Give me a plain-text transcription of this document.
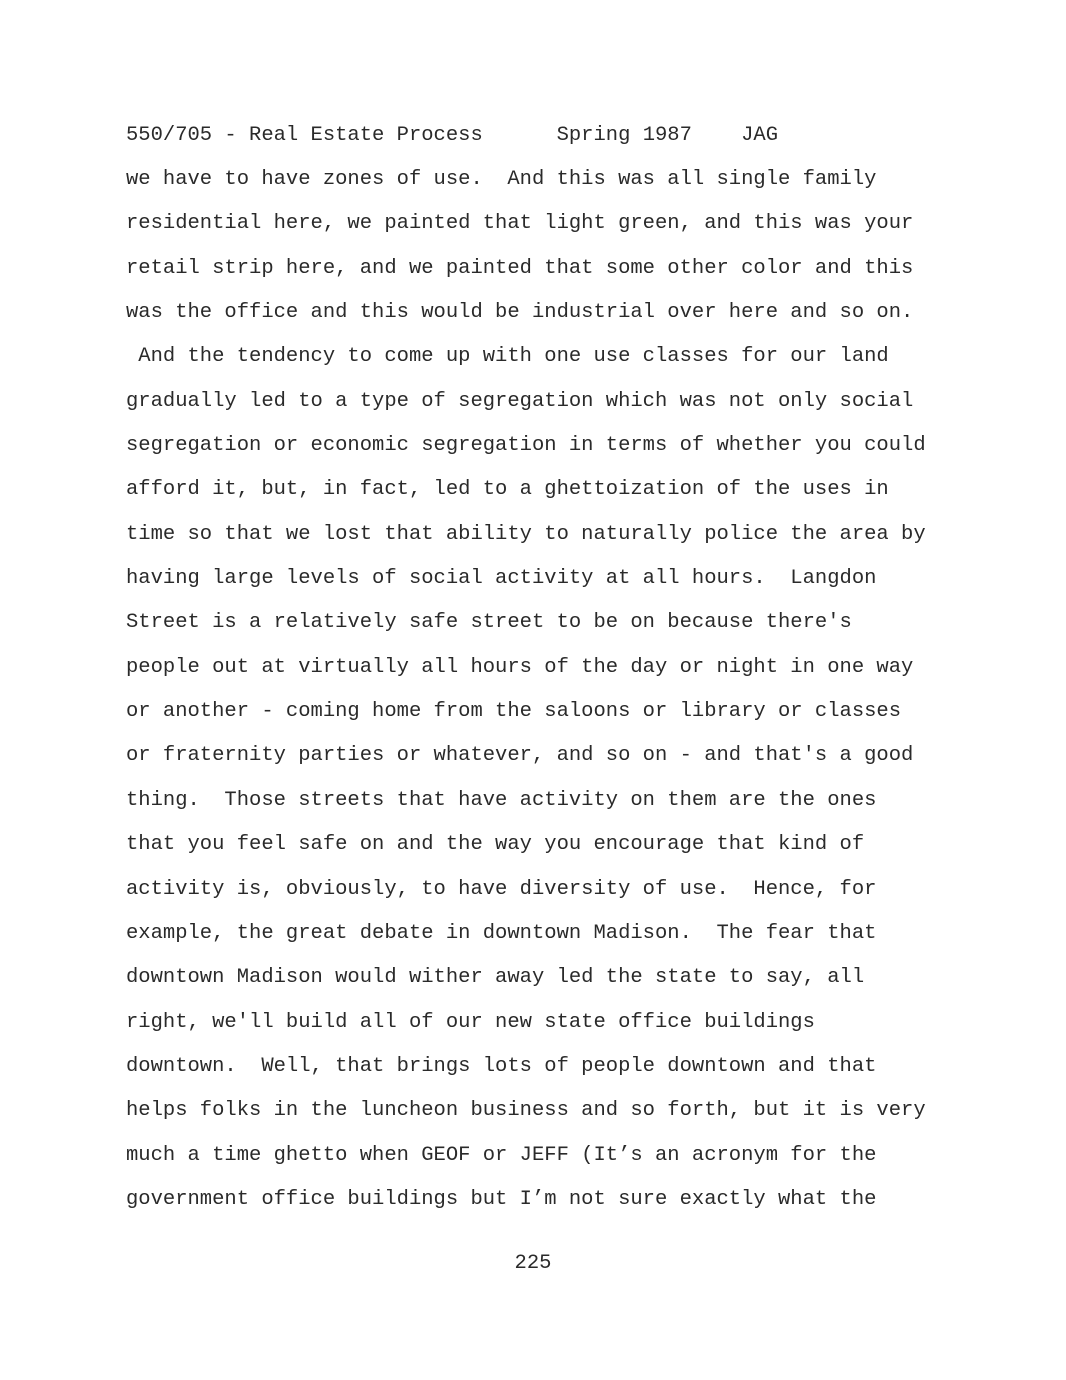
550/705 - Real Estate Process	Spring 1987 JAG
we have to have zones of use.  And this was all single family
residential here, we painted that light green, and this was your
retail strip here, and we painted that some other color and this
was the office and this would be industrial over here and so on.
And the tendency to come up with one use classes for our land
gradually led to a type of segregation which was not only social
segregation or economic segregation in terms of whether you could
afford it, but, in fact, led to a ghettoization of the uses in
time so that we lost that ability to naturally police the area by
having large levels of social activity at all hours.  Langdon
Street is a relatively safe street to be on because there's
people out at virtually all hours of the day or night in one way
or another - coming home from the saloons or library or classes
or fraternity parties or whatever, and so on - and that's a good
thing.  Those streets that have activity on them are the ones
that you feel safe on and the way you encourage that kind of
activity is, obviously, to have diversity of use.  Hence, for
example, the great debate in downtown Madison.  The fear that
downtown Madison would wither away led the state to say, all
right, we'll build all of our new state office buildings
downtown.  Well, that brings lots of people downtown and that
helps folks in the luncheon business and so forth, but it is very
much a time ghetto when GEOF or JEFF (It’s an acronym for the
government office buildings but I’m not sure exactly what the
225
